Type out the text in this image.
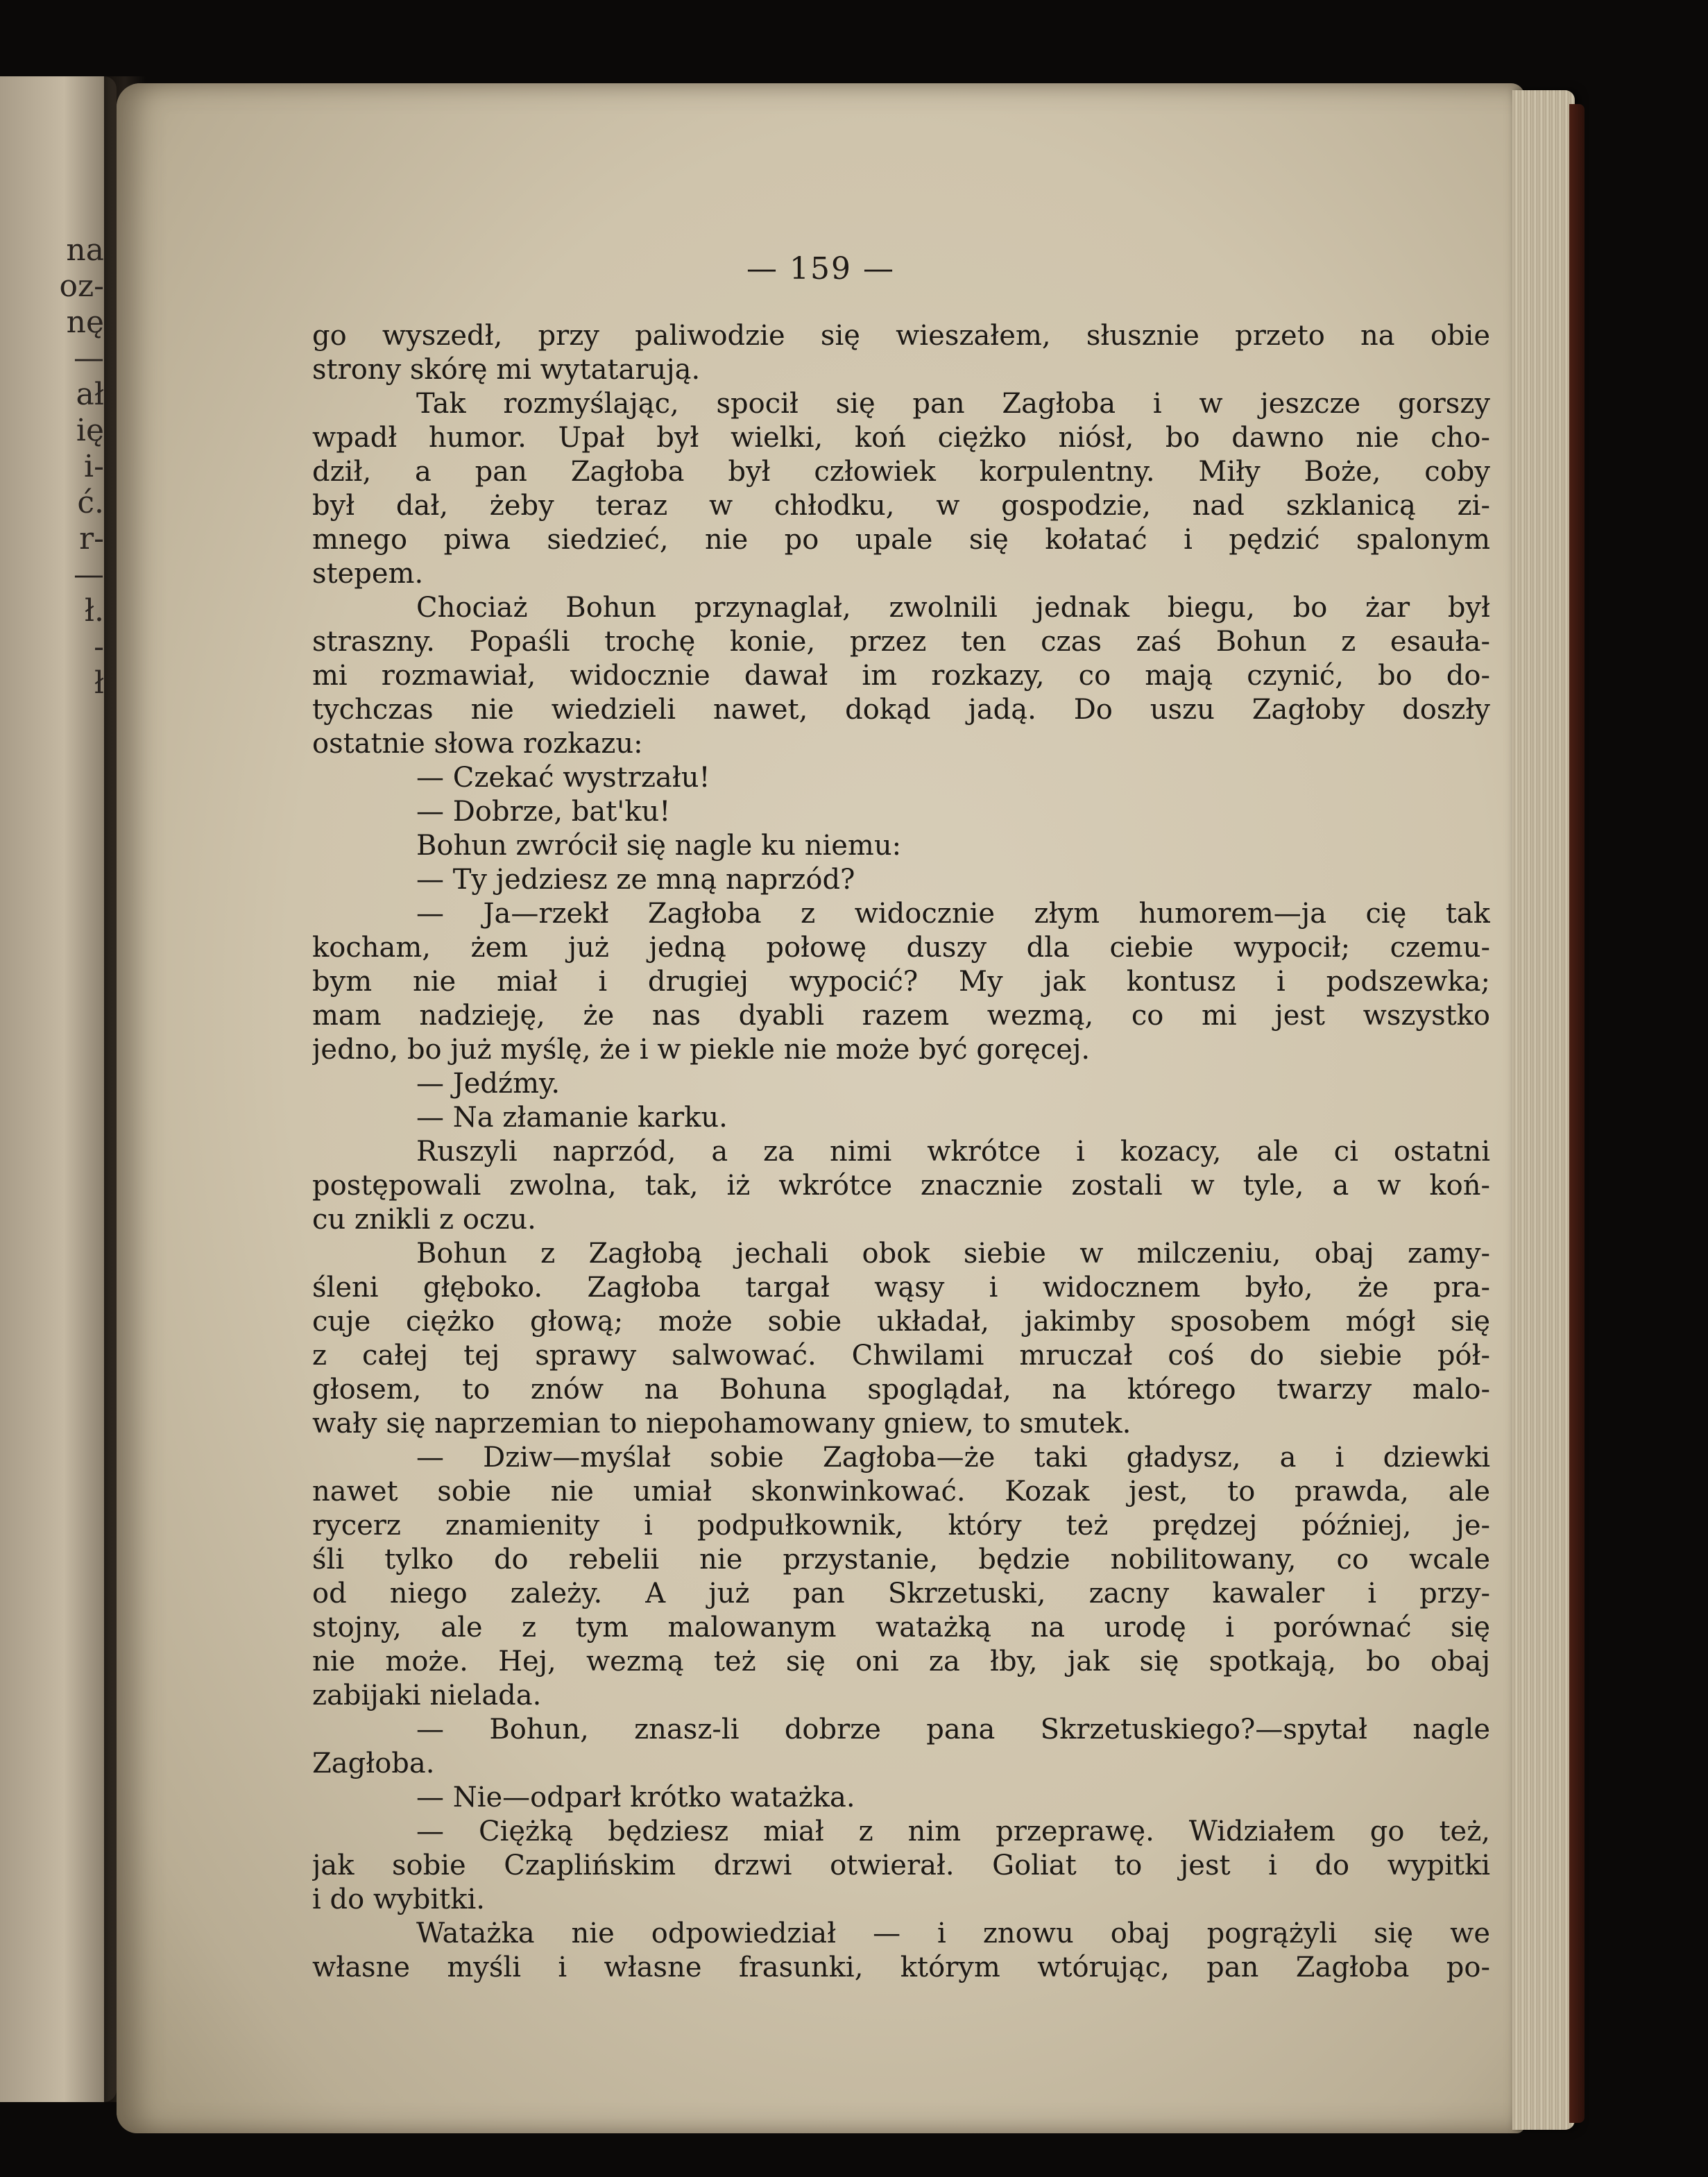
na
oz-
nę
—
ał
ię
i-
ć.
r-
—
ł.
-
ł
— 159 —
go wyszedł, przy paliwodzie się wieszałem, słusznie przeto na obie
strony skórę mi wytatarują.
Tak rozmyślając, spocił się pan Zagłoba i w jeszcze gorszy
wpadł humor. Upał był wielki, koń ciężko niósł, bo dawno nie cho-
dził, a pan Zagłoba był człowiek korpulentny. Miły Boże, coby
był dał, żeby teraz w chłodku, w gospodzie, nad szklanicą zi-
mnego piwa siedzieć, nie po upale się kołatać i pędzić spalonym
stepem.
Chociaż Bohun przynaglał, zwolnili jednak biegu, bo żar był
straszny. Popaśli trochę konie, przez ten czas zaś Bohun z esauła-
mi rozmawiał, widocznie dawał im rozkazy, co mają czynić, bo do-
tychczas nie wiedzieli nawet, dokąd jadą. Do uszu Zagłoby doszły
ostatnie słowa rozkazu:
— Czekać wystrzału!
— Dobrze, bat'ku!
Bohun zwrócił się nagle ku niemu:
— Ty jedziesz ze mną naprzód?
— Ja—rzekł Zagłoba z widocznie złym humorem—ja cię tak
kocham, żem już jedną połowę duszy dla ciebie wypocił; czemu-
bym nie miał i drugiej wypocić? My jak kontusz i podszewka;
mam nadzieję, że nas dyabli razem wezmą, co mi jest wszystko
jedno, bo już myślę, że i w piekle nie może być goręcej.
— Jedźmy.
— Na złamanie karku.
Ruszyli naprzód, a za nimi wkrótce i kozacy, ale ci ostatni
postępowali zwolna, tak, iż wkrótce znacznie zostali w tyle, a w koń-
cu znikli z oczu.
Bohun z Zagłobą jechali obok siebie w milczeniu, obaj zamy-
śleni głęboko. Zagłoba targał wąsy i widocznem było, że pra-
cuje ciężko głową; może sobie układał, jakimby sposobem mógł się
z całej tej sprawy salwować. Chwilami mruczał coś do siebie pół-
głosem, to znów na Bohuna spoglądał, na którego twarzy malo-
wały się naprzemian to niepohamowany gniew, to smutek.
— Dziw—myślał sobie Zagłoba—że taki gładysz, a i dziewki
nawet sobie nie umiał skonwinkować. Kozak jest, to prawda, ale
rycerz znamienity i podpułkownik, który też prędzej później, je-
śli tylko do rebelii nie przystanie, będzie nobilitowany, co wcale
od niego zależy. A już pan Skrzetuski, zacny kawaler i przy-
stojny, ale z tym malowanym watażką na urodę i porównać się
nie może. Hej, wezmą też się oni za łby, jak się spotkają, bo obaj
zabijaki nielada.
— Bohun, znasz-li dobrze pana Skrzetuskiego?—spytał nagle
Zagłoba.
— Nie—odparł krótko watażka.
— Ciężką będziesz miał z nim przeprawę. Widziałem go też,
jak sobie Czaplińskim drzwi otwierał. Goliat to jest i do wypitki
i do wybitki.
Watażka nie odpowiedział — i znowu obaj pogrążyli się we
własne myśli i własne frasunki, którym wtórując, pan Zagłoba po-
